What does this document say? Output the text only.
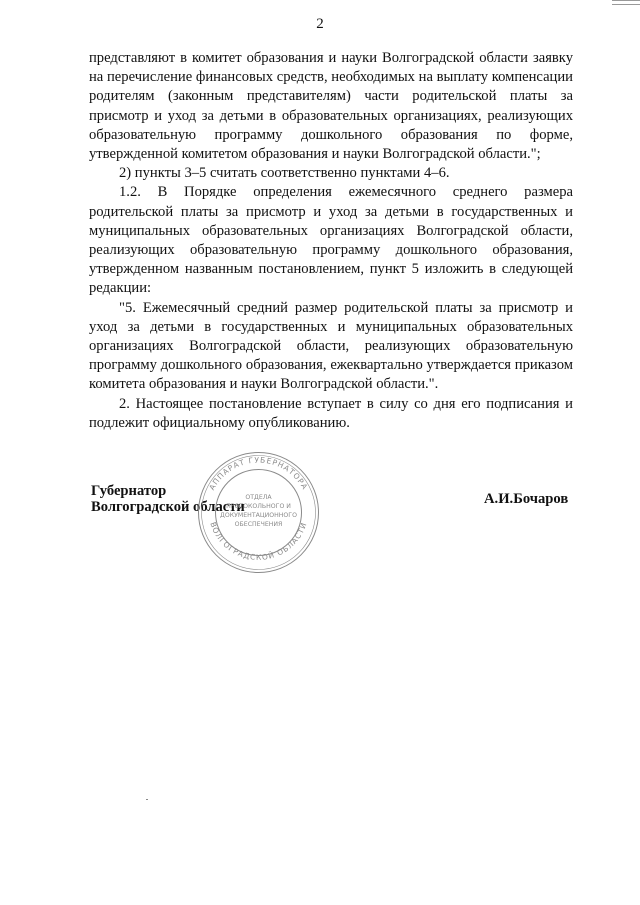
2

представляют в комитет образования и науки Волгоградской области заявку на перечисление финансовых средств, необходимых на выплату компенсации родителям (законным представителям) части родительской платы за присмотр и уход за детьми в образовательных организациях, реализующих образовательную программу дошкольного образования по форме, утвержденной комитетом образования и науки Волгоградской области.";

2) пункты 3–5 считать соответственно пунктами 4–6.

1.2. В Порядке определения ежемесячного среднего размера родительской платы за присмотр и уход за детьми в государственных и муниципальных образовательных организациях Волгоградской области, реализующих образовательную программу дошкольного образования, утвержденном названным постановлением, пункт 5 изложить в следующей редакции:

"5. Ежемесячный средний размер родительской платы за присмотр и уход за детьми в государственных и муниципальных образовательных организациях Волгоградской области, реализующих образовательную программу дошкольного образования, ежеквартально утверждается приказом комитета образования и науки Волгоградской области.".

2. Настоящее постановление вступает в силу со дня его подписания и подлежит официальному опубликованию.

Губернатор
Волгоградской области	А.И.Бочаров
АППАРАТ ГУБЕРНАТОРА
ВОЛГОГРАДСКОЙ ОБЛАСТИ
ОТДЕЛА
ПРОТОКОЛЬНОГО И
ДОКУМЕНТАЦИОННОГО
ОБЕСПЕЧЕНИЯ
